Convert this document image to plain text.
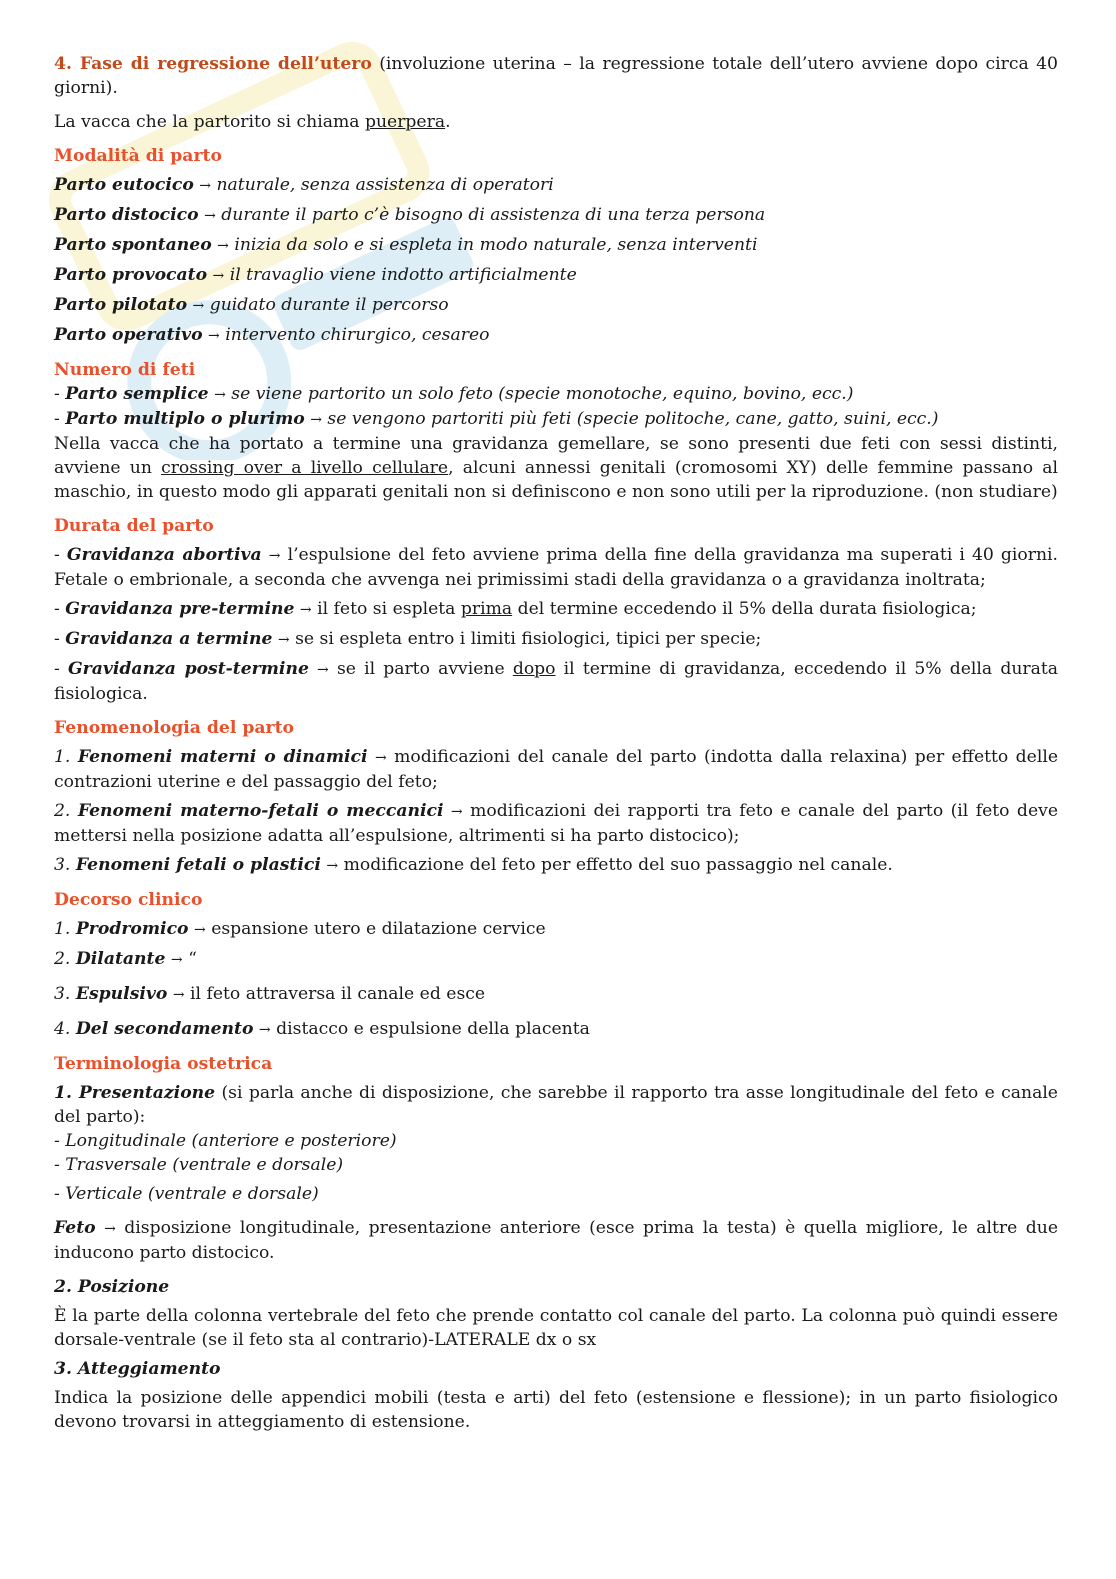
4. Fase di regressione dell’utero (involuzione uterina – la regressione totale dell’utero avviene dopo circa 40 giorni).

La vacca che la partorito si chiama puerpera.

Modalità di parto

Parto eutocico → naturale, senza assistenza di operatori

Parto distocico → durante il parto c’è bisogno di assistenza di una terza persona

Parto spontaneo → inizia da solo e si espleta in modo naturale, senza interventi

Parto provocato → il travaglio viene indotto artificialmente

Parto pilotato → guidato durante il percorso

Parto operativo → intervento chirurgico, cesareo

Numero di feti

- Parto semplice → se viene partorito un solo feto (specie monotoche, equino, bovino, ecc.)

- Parto multiplo o plurimo → se vengono partoriti più feti (specie politoche, cane, gatto, suini, ecc.)

Nella vacca che ha portato a termine una gravidanza gemellare, se sono presenti due feti con sessi distinti, avviene un crossing over a livello cellulare, alcuni annessi genitali (cromosomi XY) delle femmine passano al maschio, in questo modo gli apparati genitali non si definiscono e non sono utili per la riproduzione. (non studiare)

Durata del parto

- Gravidanza abortiva → l’espulsione del feto avviene prima della fine della gravidanza ma superati i 40 giorni. Fetale o embrionale, a seconda che avvenga nei primissimi stadi della gravidanza o a gravidanza inoltrata;

- Gravidanza pre-termine → il feto si espleta prima del termine eccedendo il 5% della durata fisiologica;

- Gravidanza a termine → se si espleta entro i limiti fisiologici, tipici per specie;

- Gravidanza post-termine → se il parto avviene dopo il termine di gravidanza, eccedendo il 5% della durata fisiologica.

Fenomenologia del parto

1. Fenomeni materni o dinamici → modificazioni del canale del parto (indotta dalla relaxina) per effetto delle contrazioni uterine e del passaggio del feto;

2. Fenomeni materno-fetali o meccanici → modificazioni dei rapporti tra feto e canale del parto (il feto deve mettersi nella posizione adatta all’espulsione, altrimenti si ha parto distocico);

3. Fenomeni fetali o plastici → modificazione del feto per effetto del suo passaggio nel canale.

Decorso clinico

1. Prodromico → espansione utero e dilatazione cervice

2. Dilatante → “

3. Espulsivo → il feto attraversa il canale ed esce

4. Del secondamento → distacco e espulsione della placenta

Terminologia ostetrica

1. Presentazione (si parla anche di disposizione, che sarebbe il rapporto tra asse longitudinale del feto e canale del parto):

- Longitudinale (anteriore e posteriore)

- Trasversale (ventrale e dorsale)

- Verticale (ventrale e dorsale)

Feto → disposizione longitudinale, presentazione anteriore (esce prima la testa) è quella migliore, le altre due inducono parto distocico.

2. Posizione

È la parte della colonna vertebrale del feto che prende contatto col canale del parto. La colonna può quindi essere dorsale-ventrale (se il feto sta al contrario)-LATERALE dx o sx

3. Atteggiamento

Indica la posizione delle appendici mobili (testa e arti) del feto (estensione e flessione); in un parto fisiologico devono trovarsi in atteggiamento di estensione.
